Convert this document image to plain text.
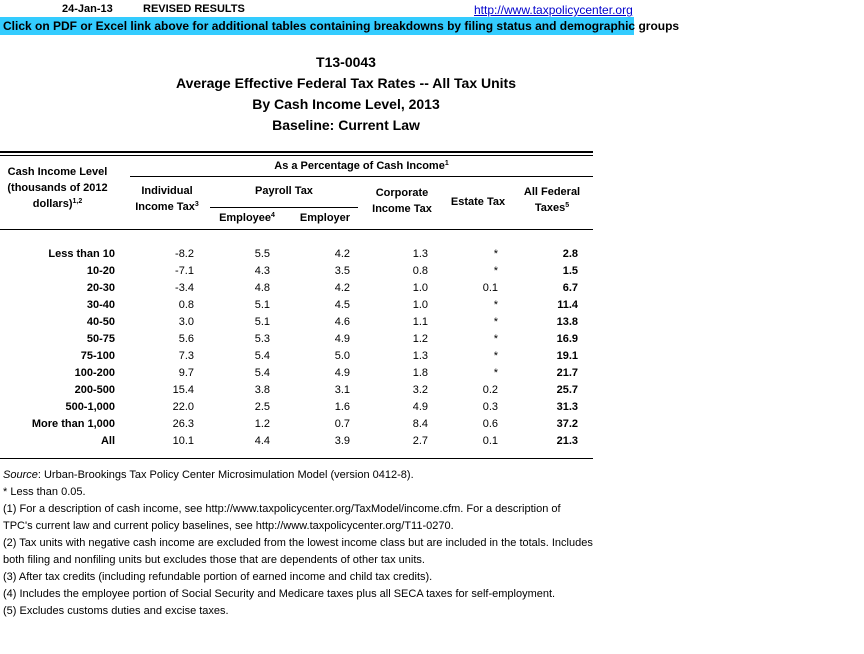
24-Jan-13	REVISED RESULTS	http://www.taxpolicycenter.org
Click on PDF or Excel link above for additional tables containing breakdowns by filing status and demographic groups
T13-0043
Average Effective Federal Tax Rates -- All Tax Units
By Cash Income Level, 2013
Baseline: Current Law
Cash Income Level
(thousands of 2012
dollars)$^{1,2}$
As a Percentage of Cash Income$^1$
Individual
Income Tax$^3$
Payroll Tax
Employee$^4$	Employer
Corporate
Income Tax
Estate Tax
All Federal
Taxes$^5$
Less than 10	-8.2	5.5	4.2	1.3	*	2.8
10-20	-7.1	4.3	3.5	0.8	*	1.5
20-30	-3.4	4.8	4.2	1.0	0.1	6.7
30-40	0.8	5.1	4.5	1.0	*	11.4
40-50	3.0	5.1	4.6	1.1	*	13.8
50-75	5.6	5.3	4.9	1.2	*	16.9
75-100	7.3	5.4	5.0	1.3	*	19.1
100-200	9.7	5.4	4.9	1.8	*	21.7
200-500	15.4	3.8	3.1	3.2	0.2	25.7
500-1,000	22.0	2.5	1.6	4.9	0.3	31.3
More than 1,000	26.3	1.2	0.7	8.4	0.6	37.2
All	10.1	4.4	3.9	2.7	0.1	21.3

Source: Urban-Brookings Tax Policy Center Microsimulation Model (version 0412-8).

* Less than 0.05.

(1) For a description of cash income, see http://www.taxpolicycenter.org/TaxModel/income.cfm. For a description of TPC's current law and current policy baselines, see http://www.taxpolicycenter.org/T11-0270.

(2) Tax units with negative cash income are excluded from the lowest income class but are included in the totals. Includes both filing and nonfiling units but excludes those that are dependents of other tax units.

(3) After tax credits (including refundable portion of earned income and child tax credits).

(4) Includes the employee portion of Social Security and Medicare taxes plus all SECA taxes for self-employment.

(5) Excludes customs duties and excise taxes.
